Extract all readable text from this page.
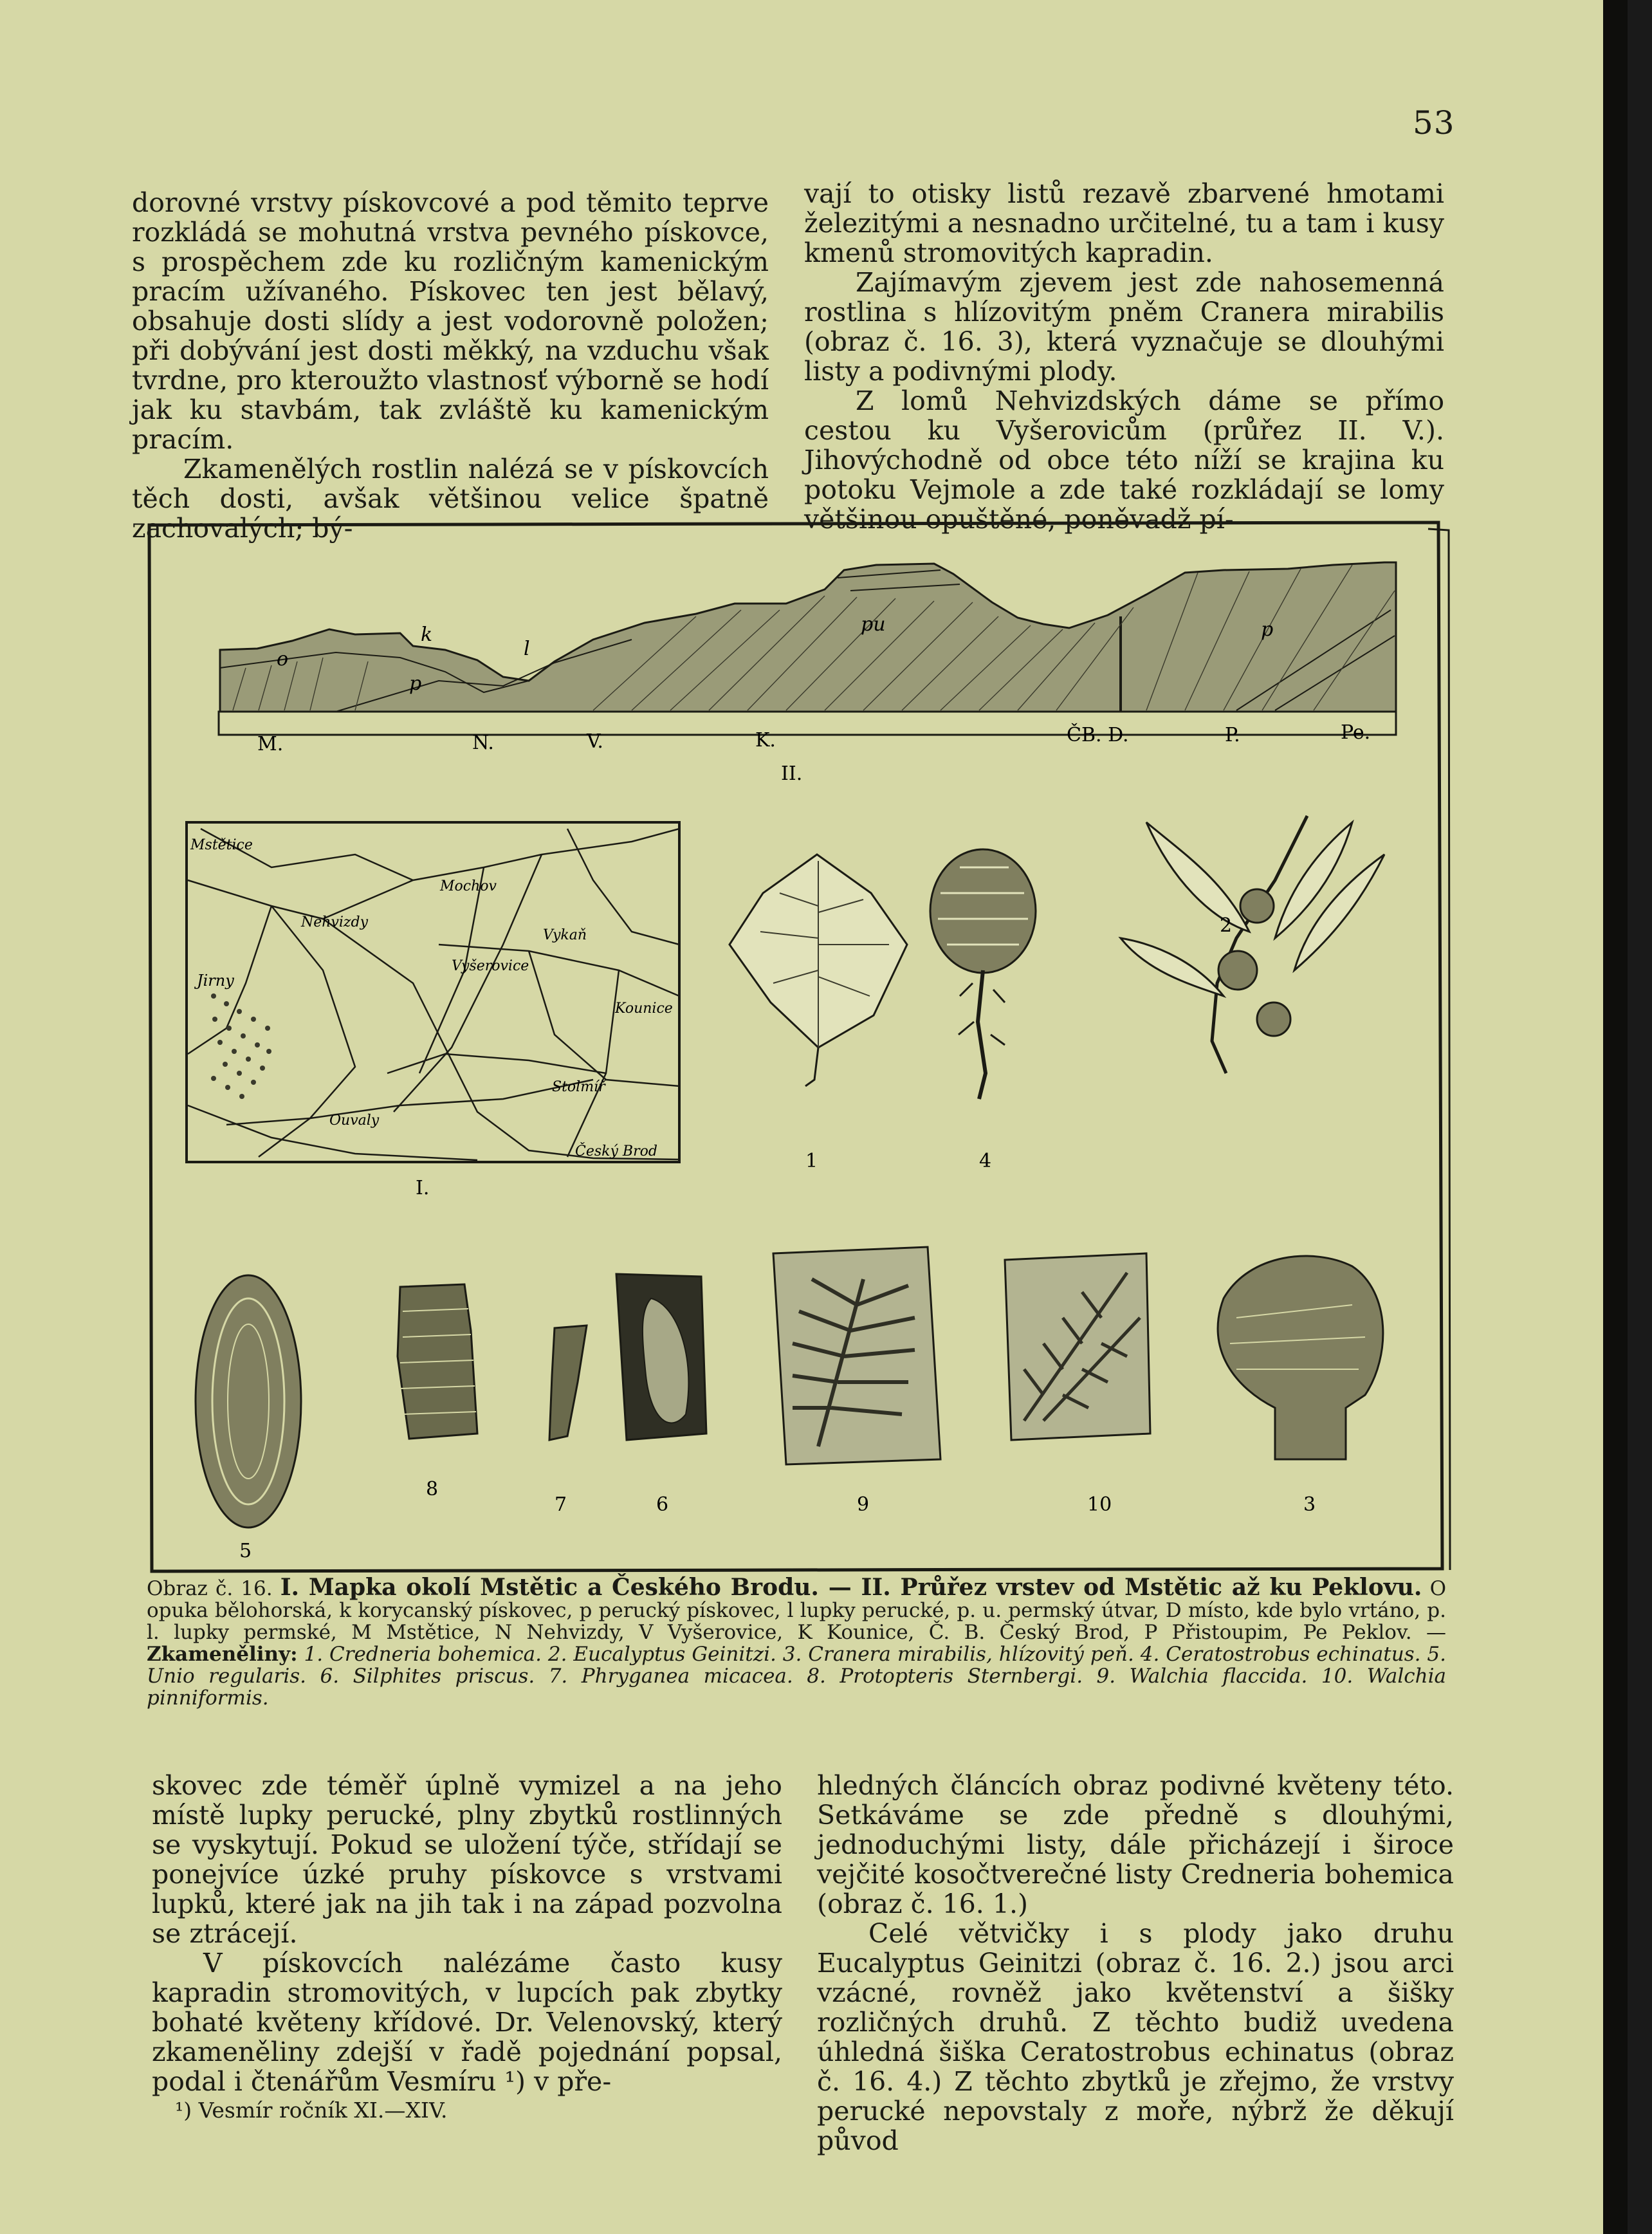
53

dorovné vrstvy pískovcové a pod těmito teprve rozkládá se mohutná vrstva pevného pískovce, s prospěchem zde ku rozličným kamenickým pracím užívaného. Pískovec ten jest bělavý, obsahuje dosti slídy a jest vodorovně položen; při dobývání jest dosti měkký, na vzduchu však tvrdne, pro kteroužto vlastnosť výborně se hodí jak ku stavbám, tak zvláště ku kamenickým pracím.

Zkamenělých rostlin nalézá se v pískovcích těch dosti, avšak většinou velice špatně zachovalých; bý-

vají to otisky listů rezavě zbarvené hmotami železitými a nesnadno určitelné, tu a tam i kusy kmenů stromovitých kapradin.

Zajímavým zjevem jest zde nahosemenná rostlina s hlízovitým pněm Cranera mirabilis (obraz č. 16. 3), která vyznačuje se dlouhými listy a podivnými plody.

Z lomů Nehvizdských dáme se přímo cestou ku Vyšerovicům (průřez II. V.). Jihovýchodně od obce této níží se krajina ku potoku Vejmole a zde také rozkládají se lomy většinou opuštěné, poněvadž pí-

o
k
p
l
pu	p
M.	N.	V.	K.	ČB. D.	P.	Pe.
II.
Mstětice
Mochov
Nehvizdy
Vykaň
Jirny
Vyšerovice
Kounice
Stolmíř
Ouvaly
Český Brod
I.
1	4
2
5
8
7	6	9	10	3
Obraz č. 16. I. Mapka okolí Mstětic a Českého Brodu. — II. Průřez vrstev od Mstětic až ku Peklovu. O opuka bělohorská, k korycanský pískovec, p perucký pískovec, l lupky perucké, p. u. permský útvar, D místo, kde bylo vrtáno, p. l. lupky permské, M Mstětice, N Nehvizdy, V Vyšerovice, K Kounice, Č. B. Český Brod, P Přistoupim, Pe Peklov. — Zkameněliny: 1. Credneria bohemica. 2. Eucalyptus Geinitzi. 3. Cranera mirabilis, hlízovitý peň. 4. Ceratostrobus echinatus. 5. Unio regularis. 6. Silphites priscus. 7. Phryganea micacea. 8. Protopteris Sternbergi. 9. Walchia flaccida. 10. Walchia pinniformis.

skovec zde téměř úplně vymizel a na jeho místě lupky perucké, plny zbytků rostlinných se vyskytují. Pokud se uložení týče, střídají se ponejvíce úzké pruhy pískovce s vrstvami lupků, které jak na jih tak i na západ pozvolna se ztrácejí.

V pískovcích nalézáme často kusy kapradin stromovitých, v lupcích pak zbytky bohaté květeny křídové. Dr. Velenovský, který zkameněliny zdejší v řadě pojednání popsal, podal i čtenářům Vesmíru ¹) v pře-

¹) Vesmír ročník XI.—XIV.

hledných článcích obraz podivné květeny této. Setkáváme se zde předně s dlouhými, jednoduchými listy, dále přicházejí i široce vejčité kosočtverečné listy Credneria bohemica (obraz č. 16. 1.)

Celé větvičky i s plody jako druhu Eucalyptus Geinitzi (obraz č. 16. 2.) jsou arci vzácné, rovněž jako květenství a šišky rozličných druhů. Z těchto budiž uvedena úhledná šiška Ceratostrobus echinatus (obraz č. 16. 4.) Z těchto zbytků je zřejmo, že vrstvy perucké nepovstaly z moře, nýbrž že děkují původ
